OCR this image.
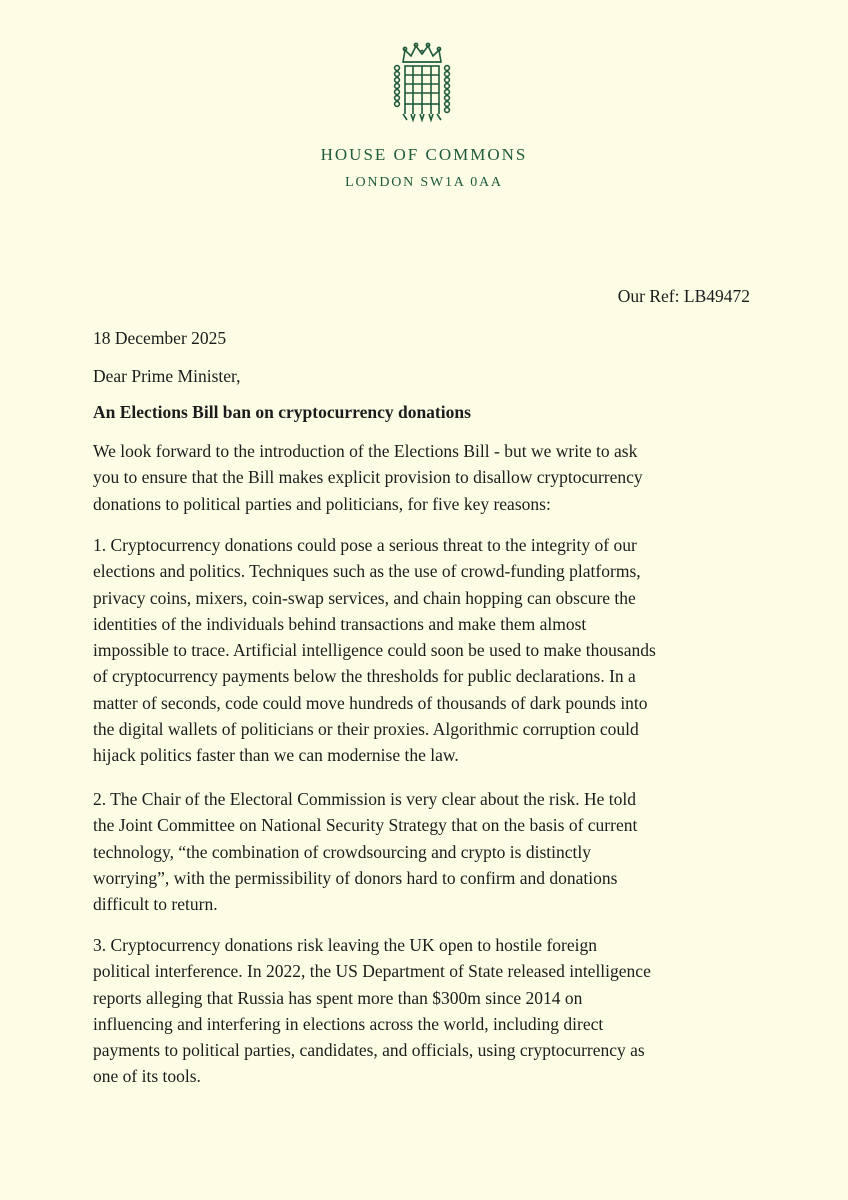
HOUSE OF COMMONS
LONDON SW1A 0AA
Our Ref: LB49472
18 December 2025
Dear Prime Minister,
An Elections Bill ban on cryptocurrency donations

We look forward to the introduction of the Elections Bill - but we write to ask
you to ensure that the Bill makes explicit provision to disallow cryptocurrency
donations to political parties and politicians, for five key reasons:

1. Cryptocurrency donations could pose a serious threat to the integrity of our
elections and politics. Techniques such as the use of crowd-funding platforms,
privacy coins, mixers, coin-swap services, and chain hopping can obscure the
identities of the individuals behind transactions and make them almost
impossible to trace. Artificial intelligence could soon be used to make thousands
of cryptocurrency payments below the thresholds for public declarations. In a
matter of seconds, code could move hundreds of thousands of dark pounds into
the digital wallets of politicians or their proxies. Algorithmic corruption could
hijack politics faster than we can modernise the law.

2. The Chair of the Electoral Commission is very clear about the risk. He told
the Joint Committee on National Security Strategy that on the basis of current
technology, “the combination of crowdsourcing and crypto is distinctly
worrying”, with the permissibility of donors hard to confirm and donations
difficult to return.

3. Cryptocurrency donations risk leaving the UK open to hostile foreign
political interference. In 2022, the US Department of State released intelligence
reports alleging that Russia has spent more than $300m since 2014 on
influencing and interfering in elections across the world, including direct
payments to political parties, candidates, and officials, using cryptocurrency as
one of its tools.
